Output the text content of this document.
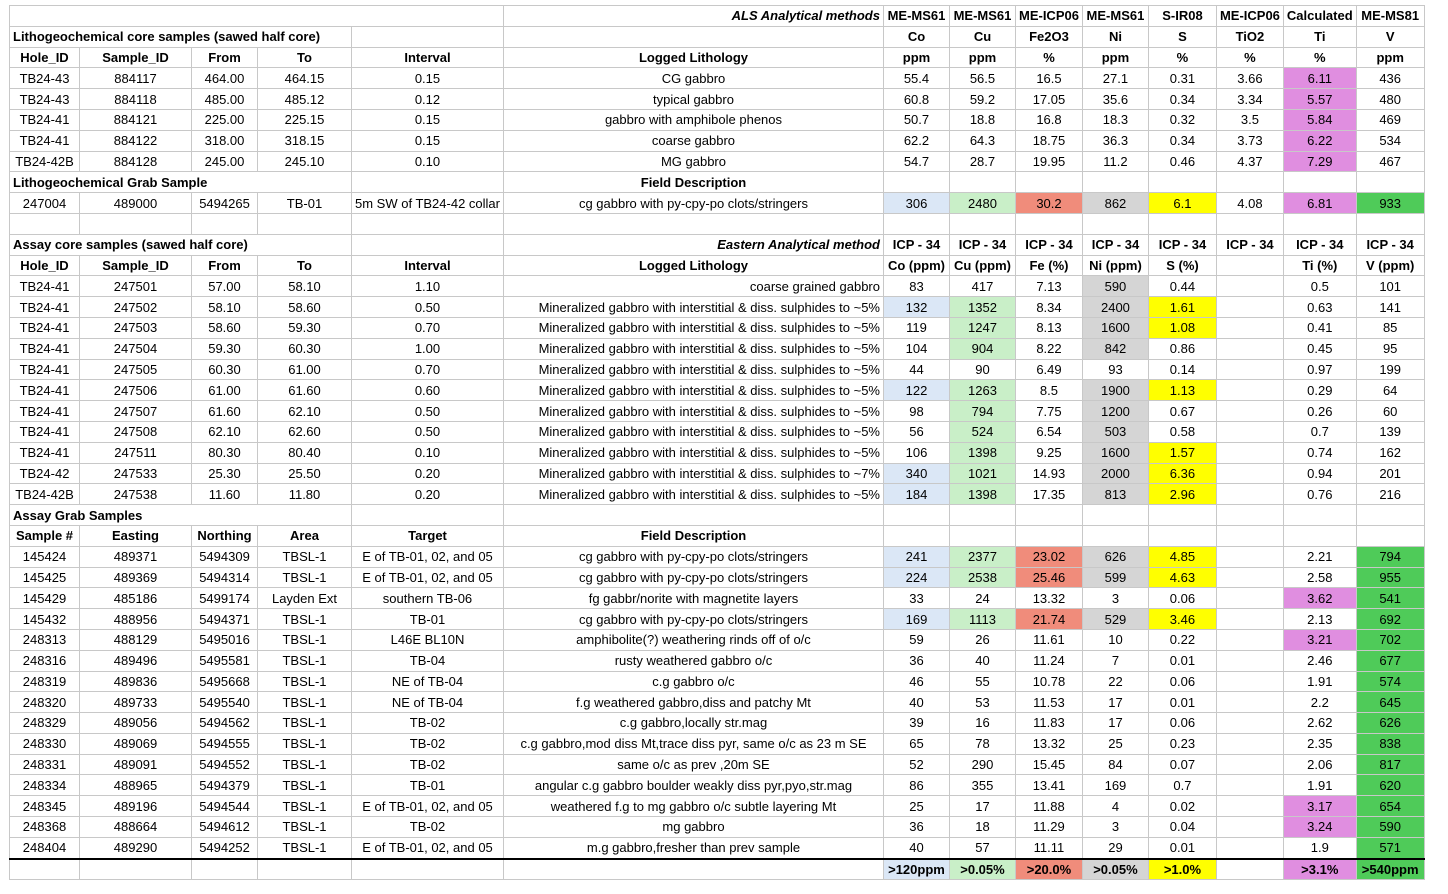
					ALS Analytical methods	ME-MS61	ME-MS61	ME-ICP06	ME-MS61	S-IR08	ME-ICP06	Calculated	ME-MS81
Lithogeochemical core samples (sawed half core)						Co	Cu	Fe2O3	Ni	S	TiO2	Ti	V
Hole_ID	Sample_ID	From	To	Interval	Logged Lithology	ppm	ppm	%	ppm	%	%	%	ppm
TB24-43	884117	464.00	464.15	0.15	CG gabbro	55.4	56.5	16.5	27.1	0.31	3.66	6.11	436
TB24-43	884118	485.00	485.12	0.12	typical gabbro	60.8	59.2	17.05	35.6	0.34	3.34	5.57	480
TB24-41	884121	225.00	225.15	0.15	gabbro with amphibole phenos	50.7	18.8	16.8	18.3	0.32	3.5	5.84	469
TB24-41	884122	318.00	318.15	0.15	coarse gabbro	62.2	64.3	18.75	36.3	0.34	3.73	6.22	534
TB24-42B	884128	245.00	245.10	0.10	MG gabbro	54.7	28.7	19.95	11.2	0.46	4.37	7.29	467
Lithogeochemical Grab Sample					Field Description								
247004	489000	5494265	TB-01	5m SW of TB24-42 collar	cg gabbro with py-cpy-po clots/stringers	306	2480	30.2	862	6.1	4.08	6.81	933

Assay core samples (sawed half core)					Eastern Analytical method	ICP - 34	ICP - 34	ICP - 34	ICP - 34	ICP - 34	ICP - 34	ICP - 34	ICP - 34
Hole_ID	Sample_ID	From	To	Interval	Logged Lithology	Co (ppm)	Cu (ppm)	Fe (%)	Ni (ppm)	S (%)		Ti (%)	V (ppm)
TB24-41	247501	57.00	58.10	1.10	coarse grained gabbro	83	417	7.13	590	0.44		0.5	101
TB24-41	247502	58.10	58.60	0.50	Mineralized gabbro with interstitial & diss. sulphides to ~5%	132	1352	8.34	2400	1.61		0.63	141
TB24-41	247503	58.60	59.30	0.70	Mineralized gabbro with interstitial & diss. sulphides to ~5%	119	1247	8.13	1600	1.08		0.41	85
TB24-41	247504	59.30	60.30	1.00	Mineralized gabbro with interstitial & diss. sulphides to ~5%	104	904	8.22	842	0.86		0.45	95
TB24-41	247505	60.30	61.00	0.70	Mineralized gabbro with interstitial & diss. sulphides to ~5%	44	90	6.49	93	0.14		0.97	199
TB24-41	247506	61.00	61.60	0.60	Mineralized gabbro with interstitial & diss. sulphides to ~5%	122	1263	8.5	1900	1.13		0.29	64
TB24-41	247507	61.60	62.10	0.50	Mineralized gabbro with interstitial & diss. sulphides to ~5%	98	794	7.75	1200	0.67		0.26	60
TB24-41	247508	62.10	62.60	0.50	Mineralized gabbro with interstitial & diss. sulphides to ~5%	56	524	6.54	503	0.58		0.7	139
TB24-41	247511	80.30	80.40	0.10	Mineralized gabbro with interstitial & diss. sulphides to ~5%	106	1398	9.25	1600	1.57		0.74	162
TB24-42	247533	25.30	25.50	0.20	Mineralized gabbro with interstitial & diss. sulphides to ~7%	340	1021	14.93	2000	6.36		0.94	201
TB24-42B	247538	11.60	11.80	0.20	Mineralized gabbro with interstitial & diss. sulphides to ~5%	184	1398	17.35	813	2.96		0.76	216
Assay Grab Samples													
Sample #	Easting	Northing	Area	Target	Field Description								
145424	489371	5494309	TBSL-1	E of TB-01, 02, and 05	cg gabbro with py-cpy-po clots/stringers	241	2377	23.02	626	4.85		2.21	794
145425	489369	5494314	TBSL-1	E of TB-01, 02, and 05	cg gabbro with py-cpy-po clots/stringers	224	2538	25.46	599	4.63		2.58	955
145429	485186	5499174	Layden Ext	southern TB-06	fg gabbr/norite with magnetite layers	33	24	13.32	3	0.06		3.62	541
145432	488956	5494371	TBSL-1	TB-01	cg gabbro with py-cpy-po clots/stringers	169	1113	21.74	529	3.46		2.13	692
248313	488129	5495016	TBSL-1	L46E BL10N	amphibolite(?) weathering rinds off of o/c	59	26	11.61	10	0.22		3.21	702
248316	489496	5495581	TBSL-1	TB-04	rusty weathered gabbro o/c	36	40	11.24	7	0.01		2.46	677
248319	489836	5495668	TBSL-1	NE of TB-04	c.g gabbro o/c	46	55	10.78	22	0.06		1.91	574
248320	489733	5495540	TBSL-1	NE of TB-04	f.g weathered gabbro,diss and patchy Mt	40	53	11.53	17	0.01		2.2	645
248329	489056	5494562	TBSL-1	TB-02	c.g gabbro,locally str.mag	39	16	11.83	17	0.06		2.62	626
248330	489069	5494555	TBSL-1	TB-02	c.g gabbro,mod diss Mt,trace diss pyr, same o/c as 23 m SE	65	78	13.32	25	0.23		2.35	838
248331	489091	5494552	TBSL-1	TB-02	same o/c as prev ,20m SE	52	290	15.45	84	0.07		2.06	817
248334	488965	5494379	TBSL-1	TB-01	angular c.g gabbro boulder weakly diss pyr,pyo,str.mag	86	355	13.41	169	0.7		1.91	620
248345	489196	5494544	TBSL-1	E of TB-01, 02, and 05	weathered f.g to mg gabbro o/c subtle layering Mt	25	17	11.88	4	0.02		3.17	654
248368	488664	5494612	TBSL-1	TB-02	mg gabbro	36	18	11.29	3	0.04		3.24	590
248404	489290	5494252	TBSL-1	E of TB-01, 02, and 05	m.g gabbro,fresher than prev sample	40	57	11.11	29	0.01		1.9	571
						>120ppm	>0.05%	>20.0%	>0.05%	>1.0%		>3.1%	>540ppm
